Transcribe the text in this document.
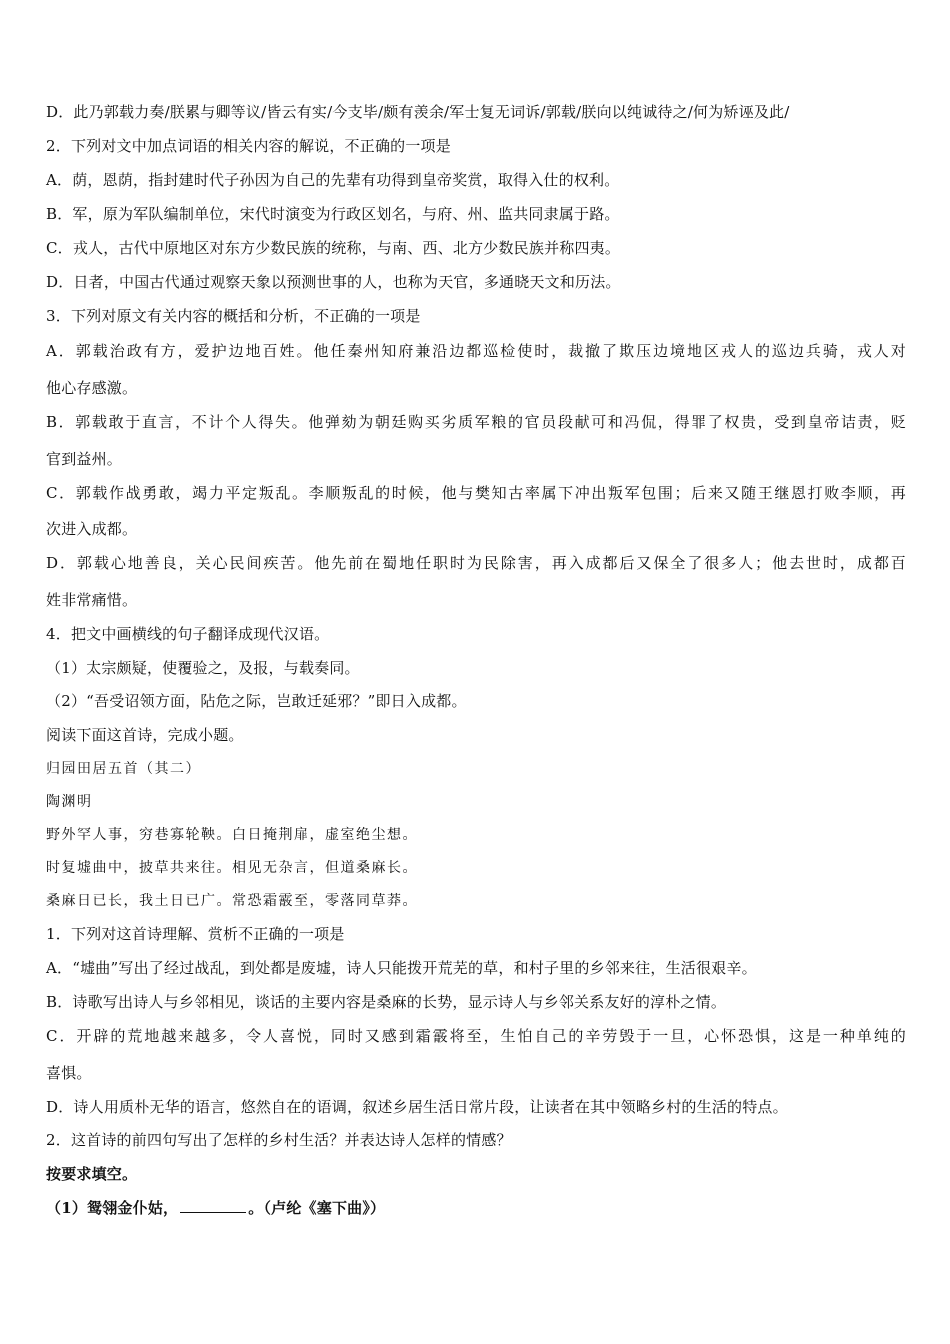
D．此乃郭载力奏/朕累与卿等议/皆云有实/今支毕/颇有羡余/军士复无词诉/郭载/朕向以纯诚待之/何为矫诬及此/
2．下列对文中加点词语的相关内容的解说，不正确的一项是
A．荫，恩荫，指封建时代子孙因为自己的先辈有功得到皇帝奖赏，取得入仕的权利。
B．军，原为军队编制单位，宋代时演变为行政区划名，与府、州、监共同隶属于路。
C．戎人，古代中原地区对东方少数民族的统称，与南、西、北方少数民族并称四夷。
D．日者，中国古代通过观察天象以预测世事的人，也称为天官，多通晓天文和历法。
3．下列对原文有关内容的概括和分析，不正确的一项是
A．郭载治政有方，爱护边地百姓。他任秦州知府兼沿边都巡检使时，裁撤了欺压边境地区戎人的巡边兵骑，戎人对
他心存感激。
B．郭载敢于直言，不计个人得失。他弹劾为朝廷购买劣质军粮的官员段献可和冯侃，得罪了权贵，受到皇帝诘责，贬
官到益州。
C．郭载作战勇敢，竭力平定叛乱。李顺叛乱的时候，他与樊知古率属下冲出叛军包围；后来又随王继恩打败李顺，再
次进入成都。
D．郭载心地善良，关心民间疾苦。他先前在蜀地任职时为民除害，再入成都后又保全了很多人；他去世时，成都百
姓非常痛惜。
4．把文中画横线的句子翻译成现代汉语。
（1）太宗颇疑，使覆验之，及报，与载奏同。
（2）“吾受诏领方面，阽危之际，岂敢迁延邪？”即日入成都。
阅读下面这首诗，完成小题。
归园田居五首（其二）
陶渊明
野外罕人事，穷巷寡轮鞅。白日掩荆扉，虚室绝尘想。
时复墟曲中，披草共来往。相见无杂言，但道桑麻长。
桑麻日已长，我土日已广。常恐霜霰至，零落同草莽。
1．下列对这首诗理解、赏析不正确的一项是
A．“墟曲”写出了经过战乱，到处都是废墟，诗人只能拨开荒芜的草，和村子里的乡邻来往，生活很艰辛。
B．诗歌写出诗人与乡邻相见，谈话的主要内容是桑麻的长势，显示诗人与乡邻关系友好的淳朴之情。
C．开辟的荒地越来越多，令人喜悦，同时又感到霜霰将至，生怕自己的辛劳毁于一旦，心怀恐惧，这是一种单纯的
喜惧。
D．诗人用质朴无华的语言，悠然自在的语调，叙述乡居生活日常片段，让读者在其中领略乡村的生活的特点。
2．这首诗的前四句写出了怎样的乡村生活？并表达诗人怎样的情感？
按要求填空。
（1）鸳翎金仆姑，	。（卢纶《塞下曲》）
